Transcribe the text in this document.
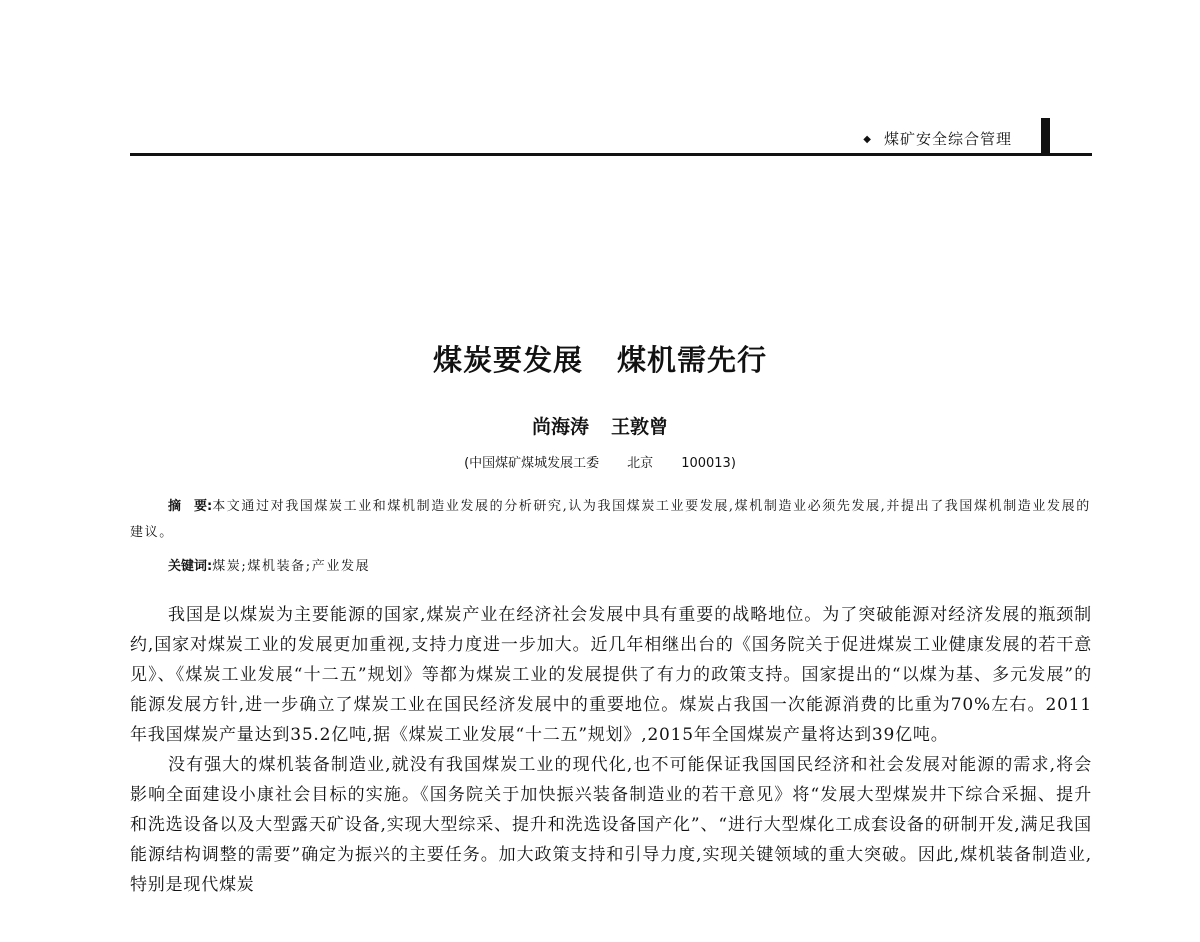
◆ 煤矿安全综合管理
煤炭要发展 煤机需先行
尚海涛 王敦曾
(中国煤矿煤城发展工委 北京 100013)

摘　要:本文通过对我国煤炭工业和煤机制造业发展的分析研究,认为我国煤炭工业要发展,煤机制造业必须先发展,并提出了我国煤机制造业发展的建议。

关键词:煤炭;煤机装备;产业发展

我国是以煤炭为主要能源的国家,煤炭产业在经济社会发展中具有重要的战略地位。为了突破能源对经济发展的瓶颈制约,国家对煤炭工业的发展更加重视,支持力度进一步加大。近几年相继出台的《国务院关于促进煤炭工业健康发展的若干意见》、《煤炭工业发展“十二五”规划》等都为煤炭工业的发展提供了有力的政策支持。国家提出的“以煤为基、多元发展”的能源发展方针,进一步确立了煤炭工业在国民经济发展中的重要地位。煤炭占我国一次能源消费的比重为70%左右。2011年我国煤炭产量达到35.2亿吨,据《煤炭工业发展“十二五”规划》,2015年全国煤炭产量将达到39亿吨。

没有强大的煤机装备制造业,就没有我国煤炭工业的现代化,也不可能保证我国国民经济和社会发展对能源的需求,将会影响全面建设小康社会目标的实施。《国务院关于加快振兴装备制造业的若干意见》将“发展大型煤炭井下综合采掘、提升和洗选设备以及大型露天矿设备,实现大型综采、提升和洗选设备国产化”、“进行大型煤化工成套设备的研制开发,满足我国能源结构调整的需要”确定为振兴的主要任务。加大政策支持和引导力度,实现关键领域的重大突破。因此,煤机装备制造业,特别是现代煤炭
